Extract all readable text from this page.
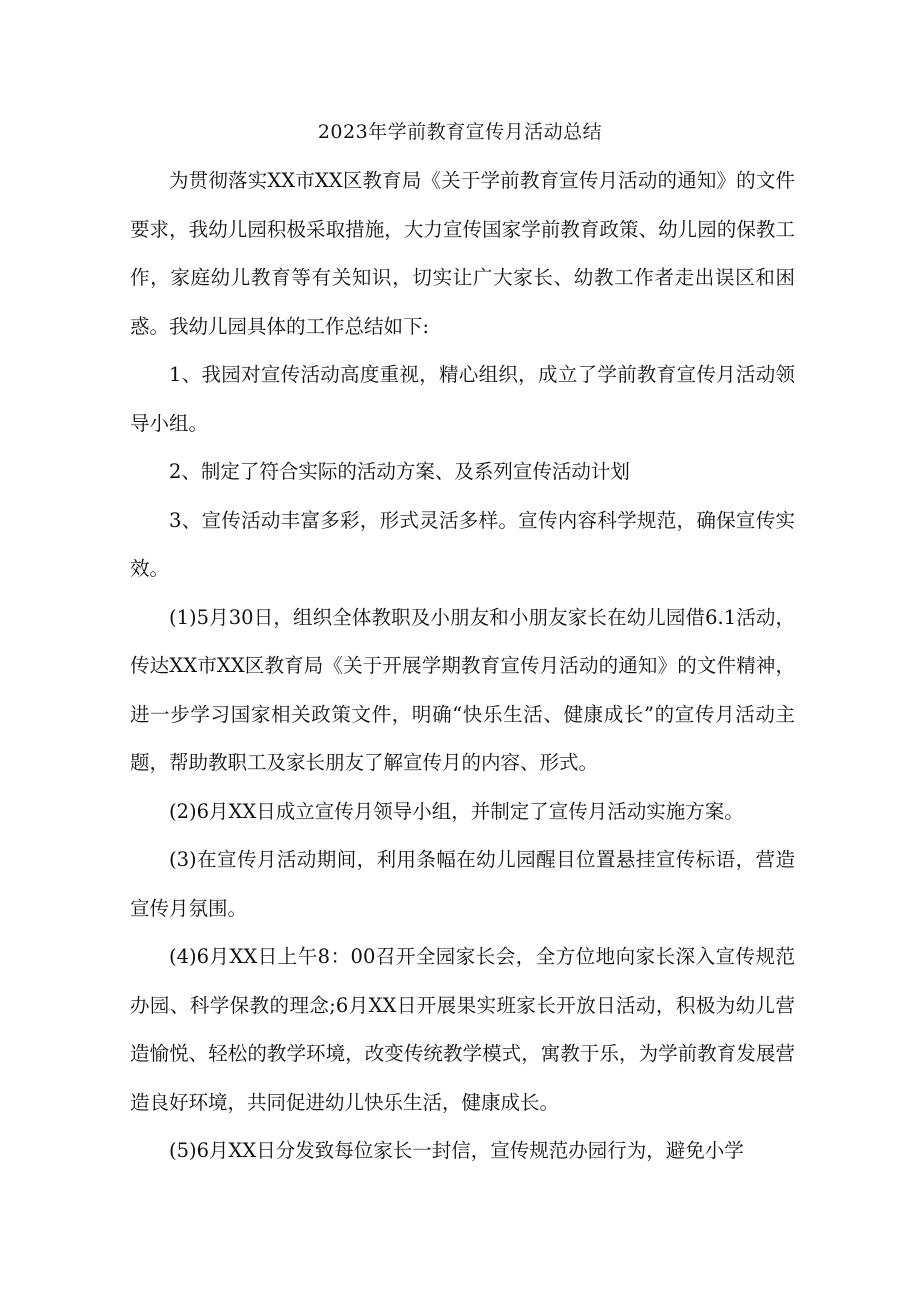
2023年学前教育宣传月活动总结

为贯彻落实XX市XX区教育局《关于学前教育宣传月活动的通知》的文件要求，我幼儿园积极采取措施，大力宣传国家学前教育政策、幼儿园的保教工作，家庭幼儿教育等有关知识，切实让广大家长、幼教工作者走出误区和困惑。我幼儿园具体的工作总结如下:

1、我园对宣传活动高度重视，精心组织，成立了学前教育宣传月活动领导小组。

2、制定了符合实际的活动方案、及系列宣传活动计划

3、宣传活动丰富多彩，形式灵活多样。宣传内容科学规范，确保宣传实效。

(1)5月30日，组织全体教职及小朋友和小朋友家长在幼儿园借6.1活动，传达XX市XX区教育局《关于开展学期教育宣传月活动的通知》的文件精神，进一步学习国家相关政策文件，明确“快乐生活、健康成长”的宣传月活动主题，帮助教职工及家长朋友了解宣传月的内容、形式。

(2)6月XX日成立宣传月领导小组，并制定了宣传月活动实施方案。

(3)在宣传月活动期间，利用条幅在幼儿园醒目位置悬挂宣传标语，营造宣传月氛围。

(4)6月XX日上午8：00召开全园家长会，全方位地向家长深入宣传规范办园、科学保教的理念;6月XX日开展果实班家长开放日活动，积极为幼儿营造愉悦、轻松的教学环境，改变传统教学模式，寓教于乐，为学前教育发展营造良好环境，共同促进幼儿快乐生活，健康成长。

(5)6月XX日分发致每位家长一封信，宣传规范办园行为，避免小学
